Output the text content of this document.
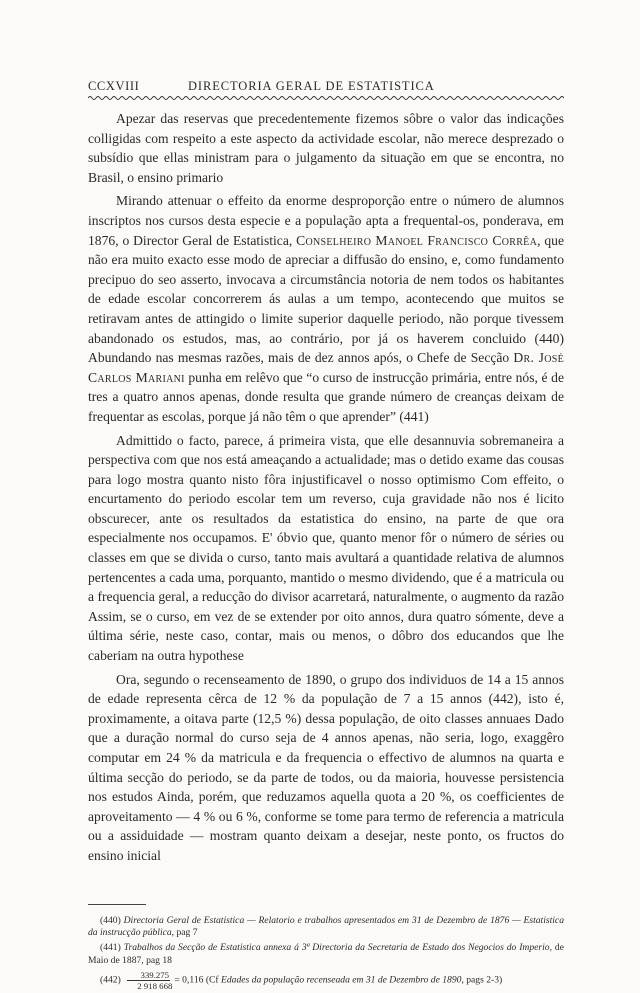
CCXVIII	DIRECTORIA GERAL DE ESTATISTICA

Apezar das reservas que precedentemente fizemos sôbre o valor das indicações colligidas com respeito a este aspecto da actividade escolar, não merece desprezado o subsídio que ellas ministram para o julgamento da situação em que se encontra, no Brasil, o ensino primario

Mirando attenuar o effeito da enorme desproporção entre o número de alumnos inscriptos nos cursos desta especie e a população apta a frequental-os, ponderava, em 1876, o Director Geral de Estatistica, Conselheiro Manoel Francisco Corrêa, que não era muito exacto esse modo de apreciar a diffusão do ensino, e, como fundamento precipuo do seo asserto, invocava a circumstância notoria de nem todos os habitantes de edade escolar concorrerem ás aulas a um tempo, acontecendo que muitos se retiravam antes de attingido o limite superior daquelle periodo, não porque tivessem abandonado os estudos, mas, ao contrário, por já os haverem concluido (440) Abundando nas mesmas razões, mais de dez annos após, o Chefe de Secção Dr. José Carlos Mariani punha em relêvo que “o curso de instrucção primária, entre nós, é de tres a quatro annos apenas, donde resulta que grande número de creanças deixam de frequentar as escolas, porque já não têm o que aprender” (441)

Admittido o facto, parece, á primeira vista, que elle desannuvia sobremaneira a perspectiva com que nos está ameaçando a actualidade; mas o detido exame das cousas para logo mostra quanto nisto fôra injustificavel o nosso optimismo Com effeito, o encurtamento do periodo escolar tem um reverso, cuja gravidade não nos é licito obscurecer, ante os resultados da estatistica do ensino, na parte de que ora especialmente nos occupamos. E' óbvio que, quanto menor fôr o número de séries ou classes em que se divida o curso, tanto mais avultará a quantidade relativa de alumnos pertencentes a cada uma, porquanto, mantido o mesmo dividendo, que é a matricula ou a frequencia geral, a reducção do divisor acarretará, naturalmente, o augmento da razão Assim, se o curso, em vez de se extender por oito annos, dura quatro sómente, deve a última série, neste caso, contar, mais ou menos, o dôbro dos educandos que lhe caberiam na outra hypothese

Ora, segundo o recenseamento de 1890, o grupo dos individuos de 14 a 15 annos de edade representa cêrca de 12 % da população de 7 a 15 annos (442), isto é, proximamente, a oitava parte (12,5 %) dessa população, de oito classes annuaes Dado que a duração normal do curso seja de 4 annos apenas, não seria, logo, exaggêro computar em 24 % da matricula e da frequencia o effectivo de alumnos na quarta e última secção do periodo, se da parte de todos, ou da maioria, houvesse persistencia nos estudos Ainda, porém, que reduzamos aquella quota a 20 %, os coefficientes de aproveitamento — 4 % ou 6 %, conforme se tome para termo de referencia a matricula ou a assiduidade — mostram quanto deixam a desejar, neste ponto, os fructos do ensino inicial

(440) Directoria Geral de Estatistica — Relatorio e trabalhos apresentados em 31 de Dezembro de 1876 — Estatistica da instrucção pública, pag 7
(441) Trabalhos da Secção de Estatistica annexa á 3ª Directoria da Secretaria de Estado dos Negocios do Imperio, de Maio de 1887, pag 18
$(442) \frac{339.275}{2 918 668} = 0,116$ (Cf Edades da população recenseada em 31 de Dezembro de 1890, pags 2-3)
